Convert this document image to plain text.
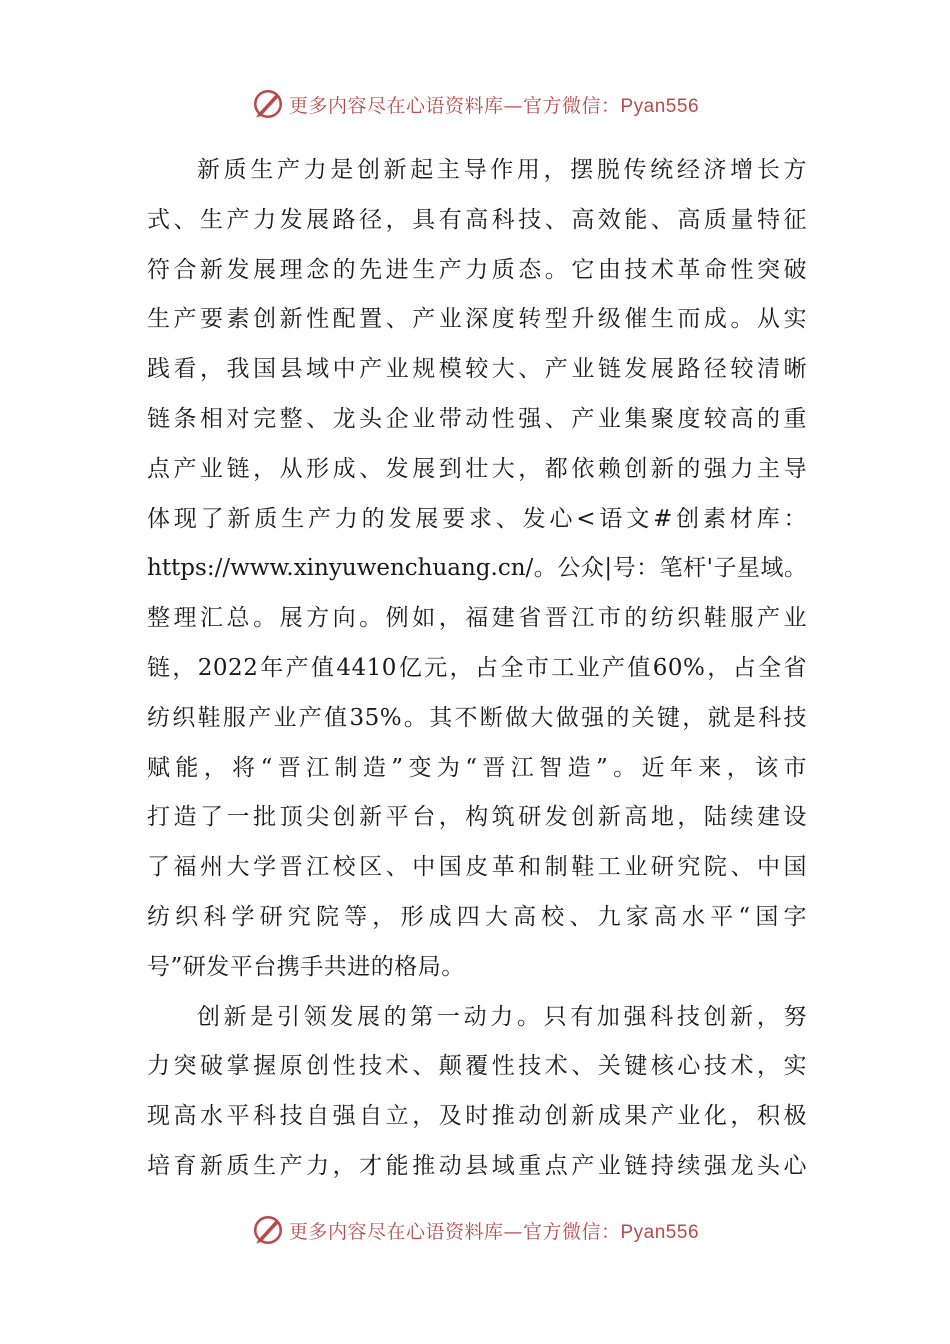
更多内容尽在心语资料库—官方微信：Pyan556
新质生产力是创新起主导作用，摆脱传统经济增长方
式、生产力发展路径，具有高科技、高效能、高质量特征
符合新发展理念的先进生产力质态。它由技术革命性突破
生产要素创新性配置、产业深度转型升级催生而成。从实
践看，我国县域中产业规模较大、产业链发展路径较清晰
链条相对完整、龙头企业带动性强、产业集聚度较高的重
点产业链，从形成、发展到壮大，都依赖创新的强力主导
体现了新质生产力的发展要求、发心<语文#创素材库：
https://www.xinyuwenchuang.cn/。公众|号：笔杆'子星域。
整理汇总。展方向。例如，福建省晋江市的纺织鞋服产业
链，2022年产值4410亿元，占全市工业产值60%，占全省
纺织鞋服产业产值35%。其不断做大做强的关键，就是科技
赋能，将“晋江制造”变为“晋江智造”。近年来，该市
打造了一批顶尖创新平台，构筑研发创新高地，陆续建设
了福州大学晋江校区、中国皮革和制鞋工业研究院、中国
纺织科学研究院等，形成四大高校、九家高水平“国字
号”研发平台携手共进的格局。
创新是引领发展的第一动力。只有加强科技创新，努
力突破掌握原创性技术、颠覆性技术、关键核心技术，实
现高水平科技自强自立，及时推动创新成果产业化，积极
培育新质生产力，才能推动县域重点产业链持续强龙头心
更多内容尽在心语资料库—官方微信：Pyan556
